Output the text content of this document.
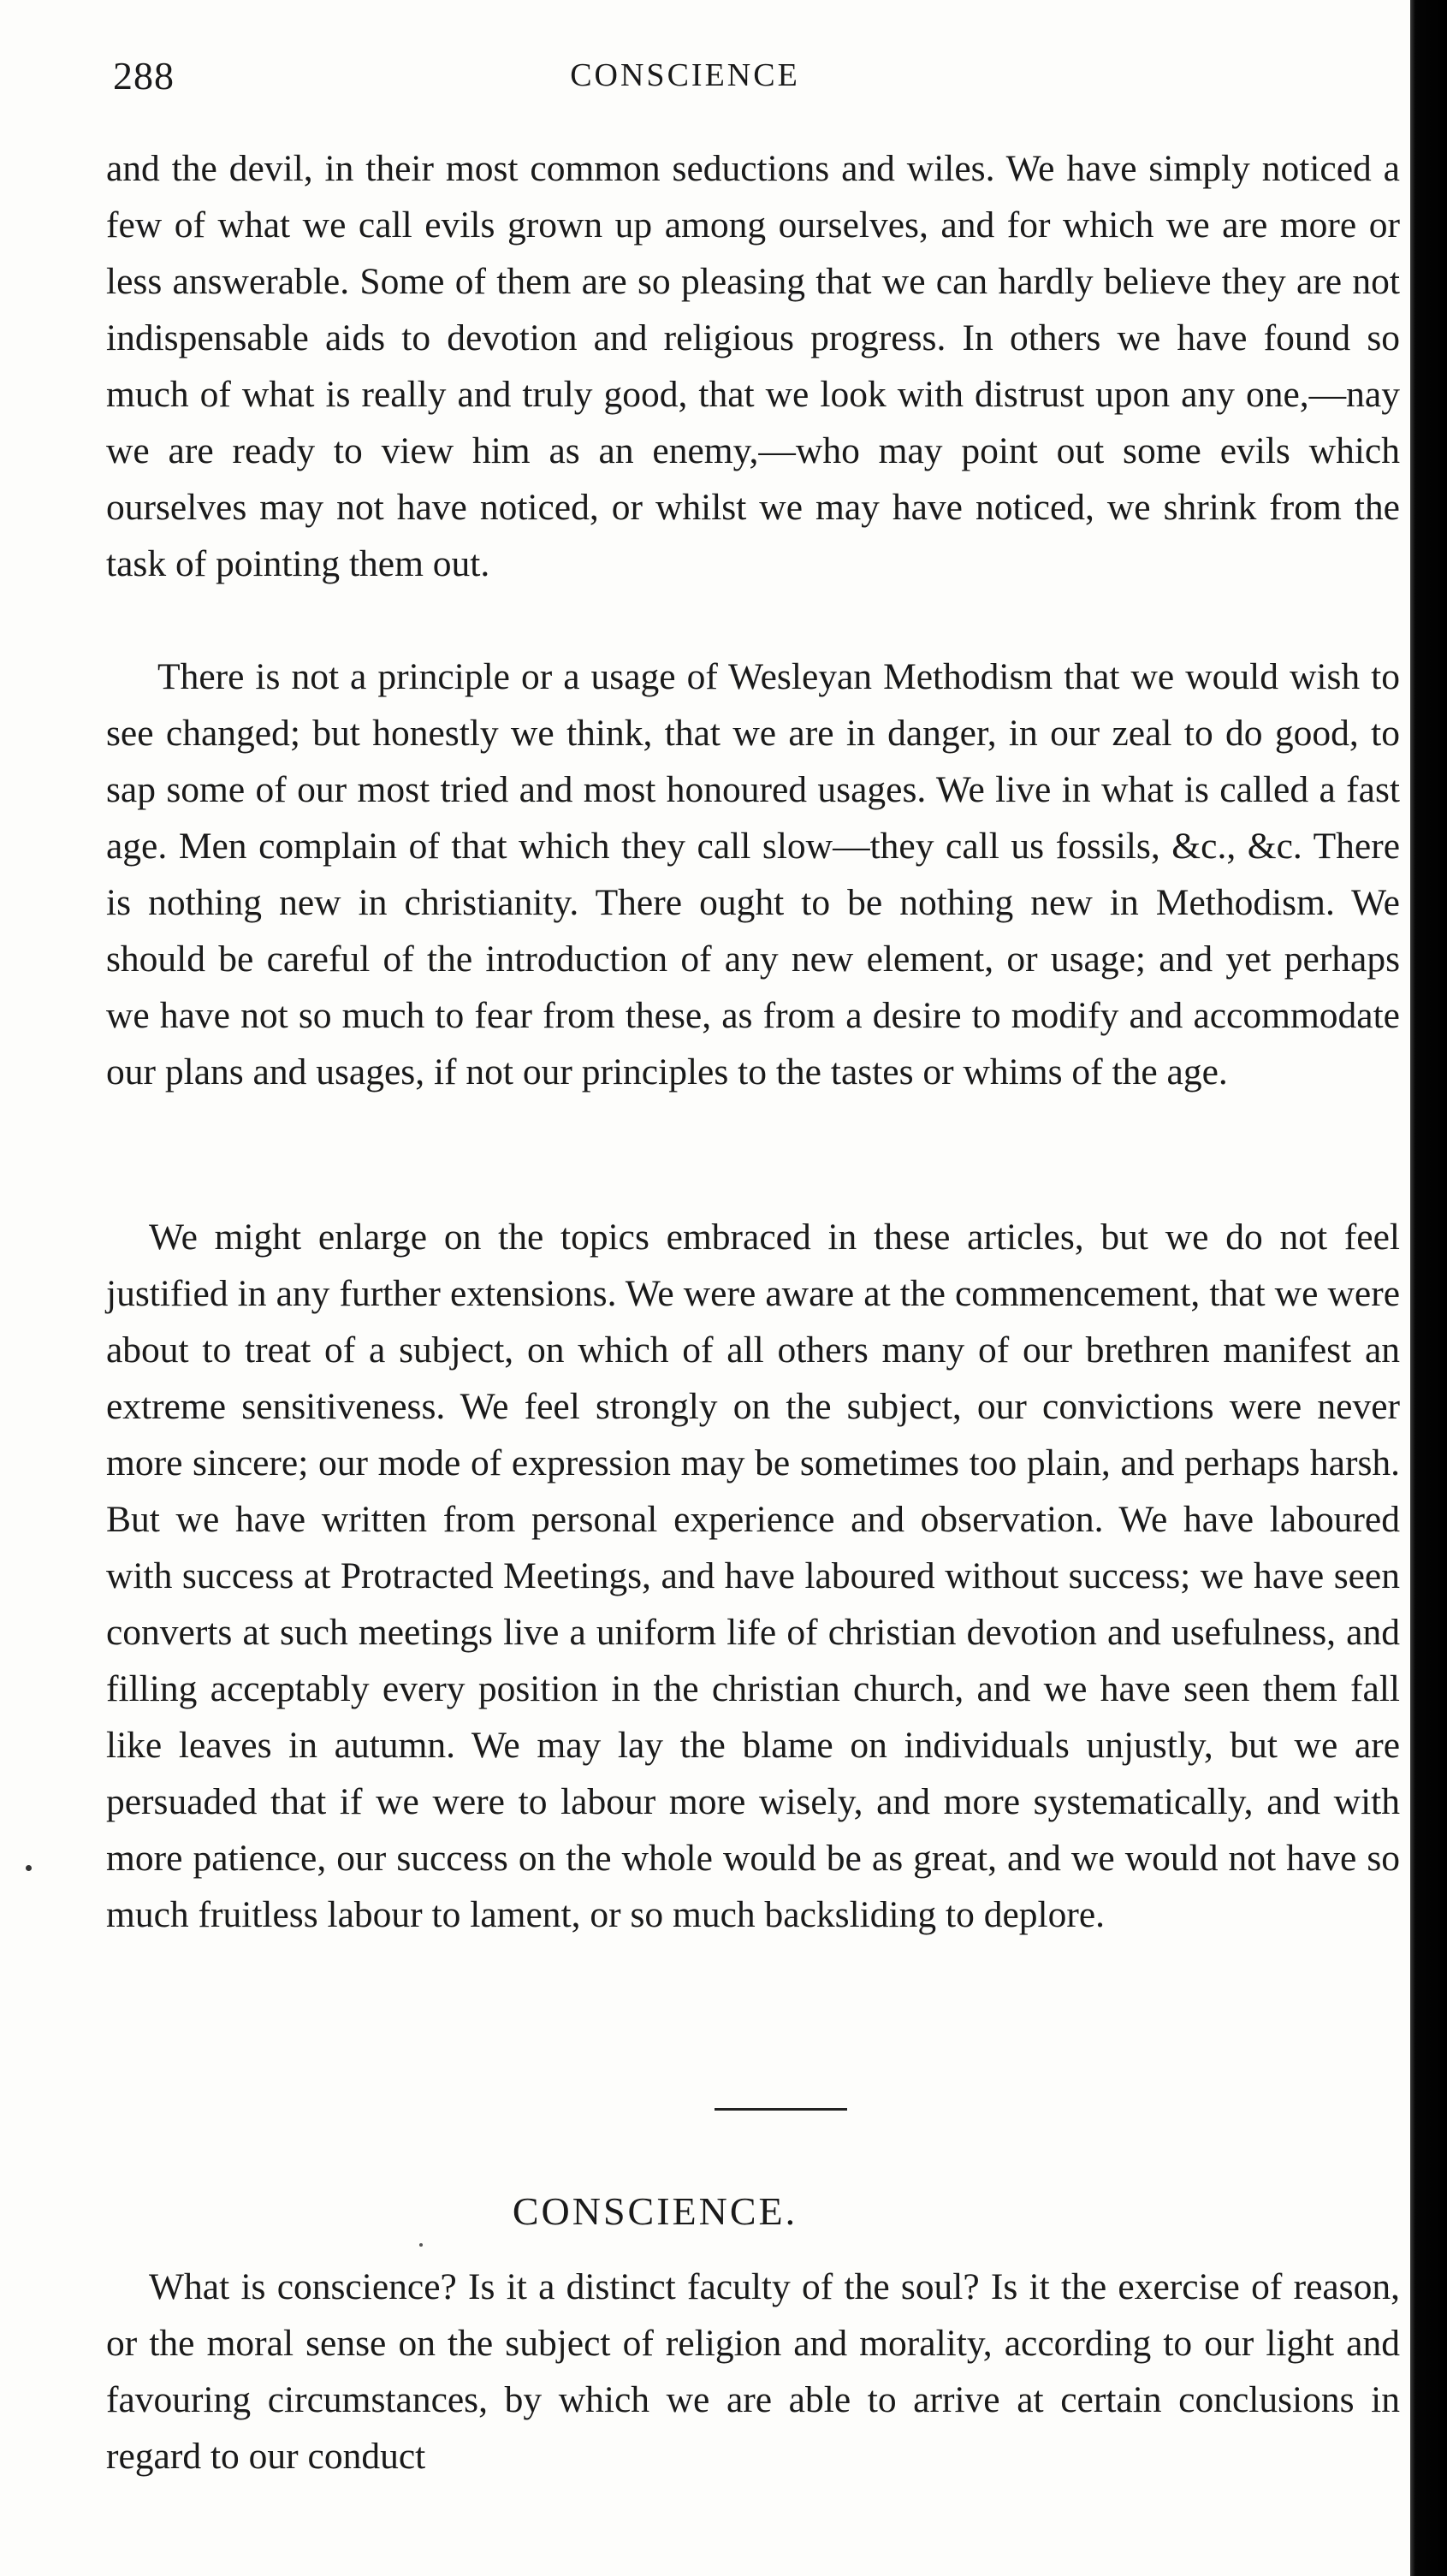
288	CONSCIENCE

and the devil, in their most common seductions and wiles. We have simply noticed a few of what we call evils grown up among ourselves, and for which we are more or less answerable. Some of them are so pleasing that we can hardly believe they are not indispensable aids to devotion and religious progress. In others we have found so much of what is really and truly good, that we look with distrust upon any one,—nay we are ready to view him as an enemy,—who may point out some evils which ourselves may not have noticed, or whilst we may have noticed, we shrink from the task of pointing them out.

There is not a principle or a usage of Wesleyan Methodism that we would wish to see changed; but honestly we think, that we are in danger, in our zeal to do good, to sap some of our most tried and most honoured usages. We live in what is called a fast age. Men complain of that which they call slow—they call us fossils, &c., &c. There is nothing new in christianity. There ought to be nothing new in Methodism. We should be careful of the introduction of any new element, or usage; and yet perhaps we have not so much to fear from these, as from a desire to modify and accommodate our plans and usages, if not our principles to the tastes or whims of the age.

We might enlarge on the topics embraced in these articles, but we do not feel justified in any further extensions. We were aware at the commencement, that we were about to treat of a subject, on which of all others many of our brethren manifest an extreme sensitiveness. We feel strongly on the subject, our convictions were never more sincere; our mode of expression may be sometimes too plain, and perhaps harsh. But we have written from personal experience and observation. We have laboured with success at Protracted Meetings, and have laboured without success; we have seen converts at such meetings live a uniform life of christian devotion and usefulness, and filling acceptably every position in the christian church, and we have seen them fall like leaves in autumn. We may lay the blame on individuals unjustly, but we are persuaded that if we were to labour more wisely, and more systematically, and with more patience, our success on the whole would be as great, and we would not have so much fruitless labour to lament, or so much backsliding to deplore.

CONSCIENCE.

What is conscience? Is it a distinct faculty of the soul? Is it the exercise of reason, or the moral sense on the subject of religion and morality, according to our light and favouring circumstances, by which we are able to arrive at certain conclusions in regard to our conduct
